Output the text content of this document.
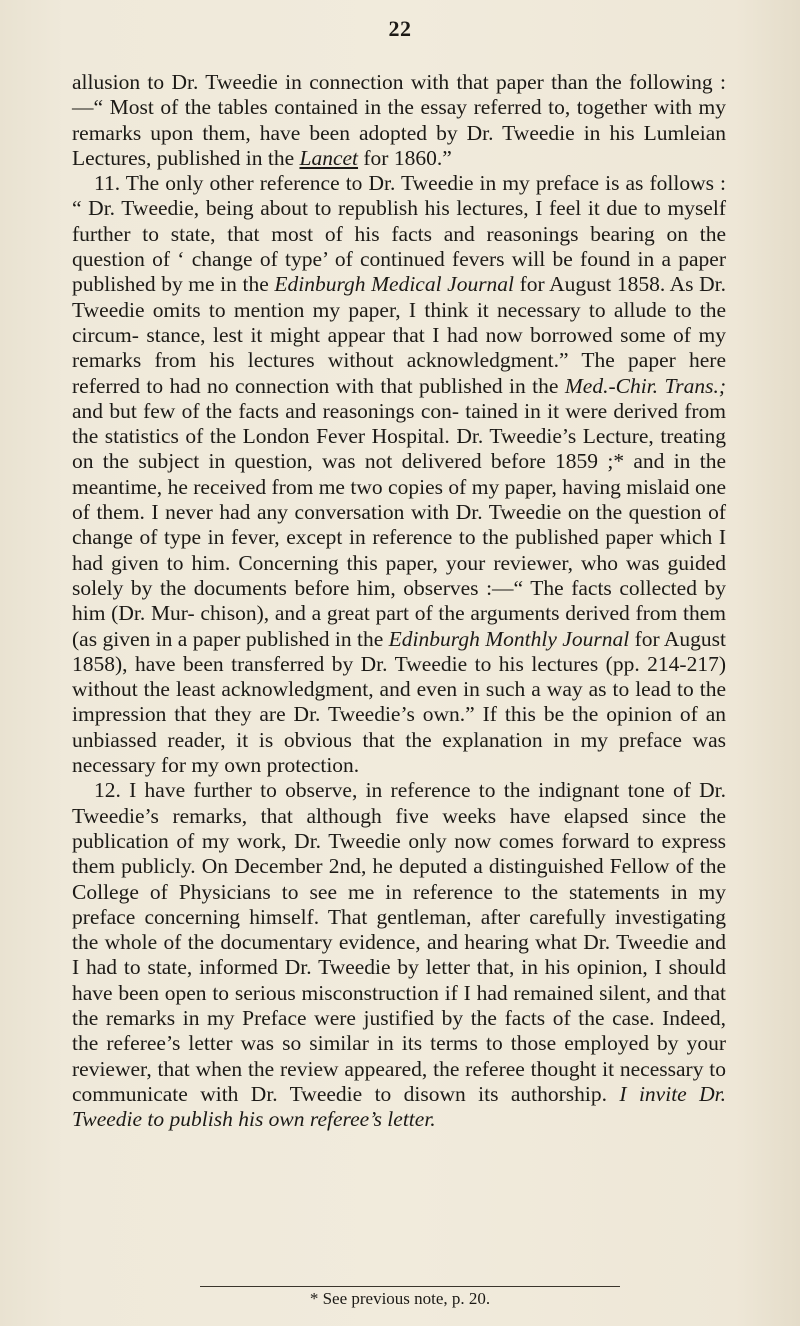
22

allusion to Dr. Tweedie in connection with that paper than the following :—“ Most of the tables contained in the essay referred to, together with my remarks upon them, have been adopted by Dr. Tweedie in his Lumleian Lectures, published in the Lancet for 1860.”

11. The only other reference to Dr. Tweedie in my preface is as follows : “ Dr. Tweedie, being about to republish his lectures, I feel it due to myself further to state, that most of his facts and reasonings bearing on the question of ‘ change of type’ of continued fevers will be found in a paper published by me in the Edinburgh Medical Journal for August 1858. As Dr. Tweedie omits to mention my paper, I think it necessary to allude to the circum- stance, lest it might appear that I had now borrowed some of my remarks from his lectures without acknowledgment.” The paper here referred to had no connection with that published in the Med.-Chir. Trans.; and but few of the facts and reasonings con- tained in it were derived from the statistics of the London Fever Hospital. Dr. Tweedie’s Lecture, treating on the subject in question, was not delivered before 1859 ;* and in the meantime, he received from me two copies of my paper, having mislaid one of them. I never had any conversation with Dr. Tweedie on the question of change of type in fever, except in reference to the published paper which I had given to him. Concerning this paper, your reviewer, who was guided solely by the documents before him, observes :—“ The facts collected by him (Dr. Mur- chison), and a great part of the arguments derived from them (as given in a paper published in the Edinburgh Monthly Journal for August 1858), have been transferred by Dr. Tweedie to his lectures (pp. 214-217) without the least acknowledgment, and even in such a way as to lead to the impression that they are Dr. Tweedie’s own.” If this be the opinion of an unbiassed reader, it is obvious that the explanation in my preface was necessary for my own protection.

12. I have further to observe, in reference to the indignant tone of Dr. Tweedie’s remarks, that although five weeks have elapsed since the publication of my work, Dr. Tweedie only now comes forward to express them publicly. On December 2nd, he deputed a distinguished Fellow of the College of Physicians to see me in reference to the statements in my preface concerning himself. That gentleman, after carefully investigating the whole of the documentary evidence, and hearing what Dr. Tweedie and I had to state, informed Dr. Tweedie by letter that, in his opinion, I should have been open to serious misconstruction if I had remained silent, and that the remarks in my Preface were justified by the facts of the case. Indeed, the referee’s letter was so similar in its terms to those employed by your reviewer, that when the review appeared, the referee thought it necessary to communicate with Dr. Tweedie to disown its authorship. I invite Dr. Tweedie to publish his own referee’s letter.

* See previous note, p. 20.
